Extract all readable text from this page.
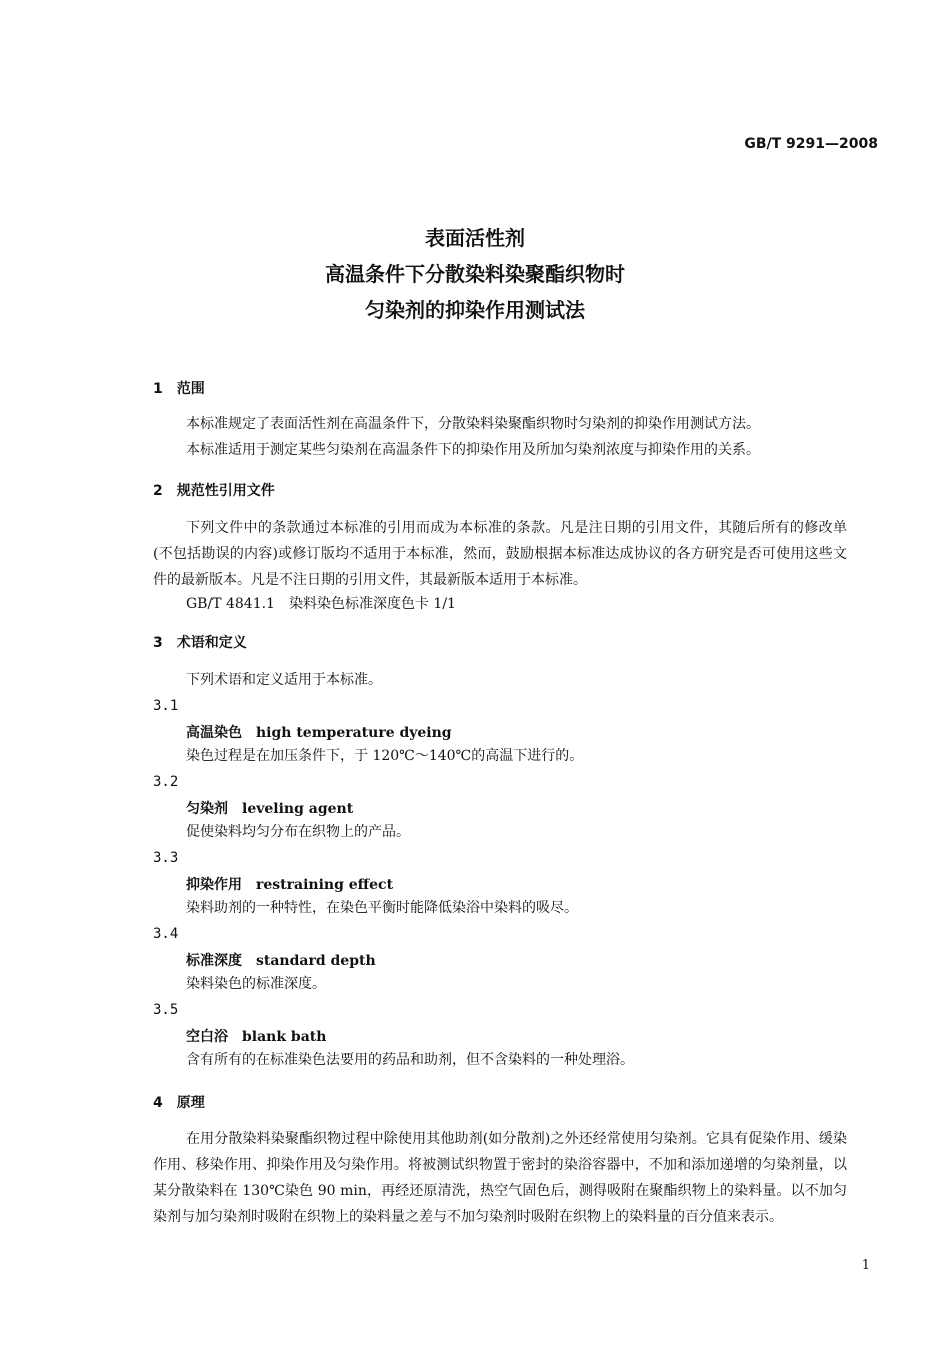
GB/T 9291—2008
表面活性剂
高温条件下分散染料染聚酯织物时
匀染剂的抑染作用测试法
1　范围
本标准规定了表面活性剂在高温条件下，分散染料染聚酯织物时匀染剂的抑染作用测试方法。
本标准适用于测定某些匀染剂在高温条件下的抑染作用及所加匀染剂浓度与抑染作用的关系。
2　规范性引用文件
下列文件中的条款通过本标准的引用而成为本标准的条款。凡是注日期的引用文件，其随后所有的修改单(不包括勘误的内容)或修订版均不适用于本标准，然而，鼓励根据本标准达成协议的各方研究是否可使用这些文件的最新版本。凡是不注日期的引用文件，其最新版本适用于本标准。
GB/T 4841.1　染料染色标准深度色卡 1/1
3　术语和定义
下列术语和定义适用于本标准。
3.1
高温染色 high temperature dyeing
染色过程是在加压条件下，于 120℃～140℃的高温下进行的。
3.2
匀染剂 leveling agent
促使染料均匀分布在织物上的产品。
3.3
抑染作用 restraining effect
染料助剂的一种特性，在染色平衡时能降低染浴中染料的吸尽。
3.4
标准深度 standard depth
染料染色的标准深度。
3.5
空白浴 blank bath
含有所有的在标准染色法要用的药品和助剂，但不含染料的一种处理浴。
4　原理
在用分散染料染聚酯织物过程中除使用其他助剂(如分散剂)之外还经常使用匀染剂。它具有促染作用、缓染作用、移染作用、抑染作用及匀染作用。将被测试织物置于密封的染浴容器中，不加和添加递增的匀染剂量，以某分散染料在 130℃染色 90 min，再经还原清洗，热空气固色后，测得吸附在聚酯织物上的染料量。以不加匀染剂与加匀染剂时吸附在织物上的染料量之差与不加匀染剂时吸附在织物上的染料量的百分值来表示。
1
